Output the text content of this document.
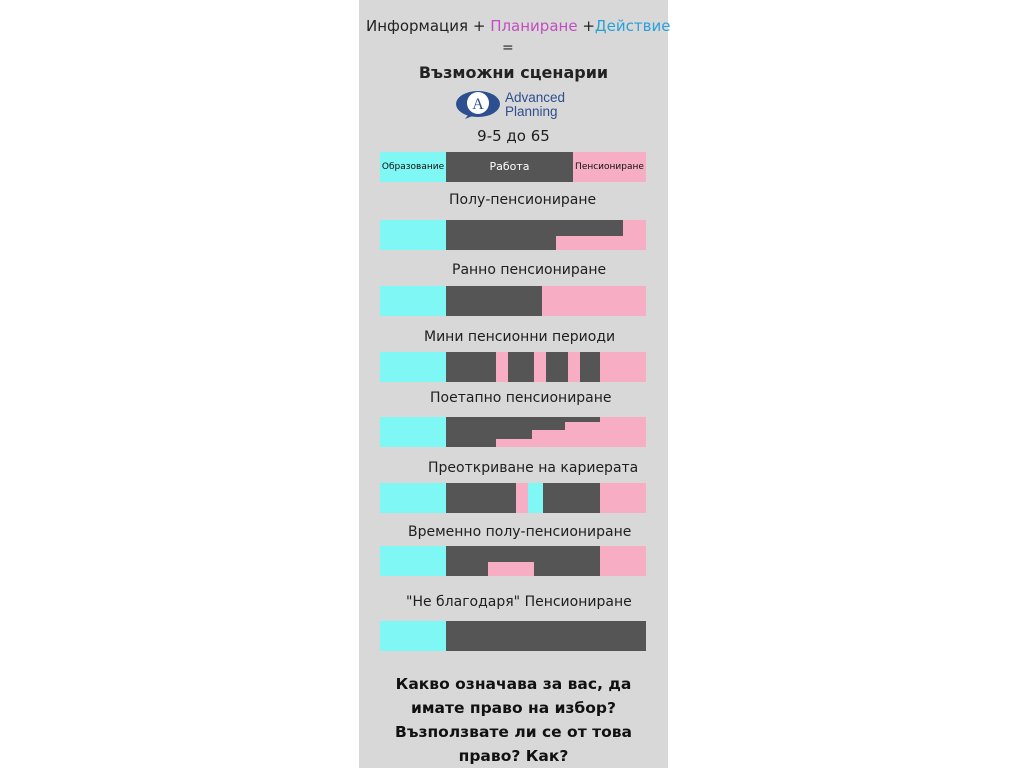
Информация + Планиране +Действие
=
Възможни сценарии
A Advanced
Planning
9-5 до 65
Образование	Работа	Пенсиониране
Полу-пенсиониране
Ранно пенсиониране
Мини пенсионни периоди
Поетапно пенсиониране
Преоткриване на кариерата
Временно полу-пенсиониране
"Не благодаря" Пенсиониране
Какво означава за вас, да
имате право на избор?
Възползвате ли се от това
право? Как?
